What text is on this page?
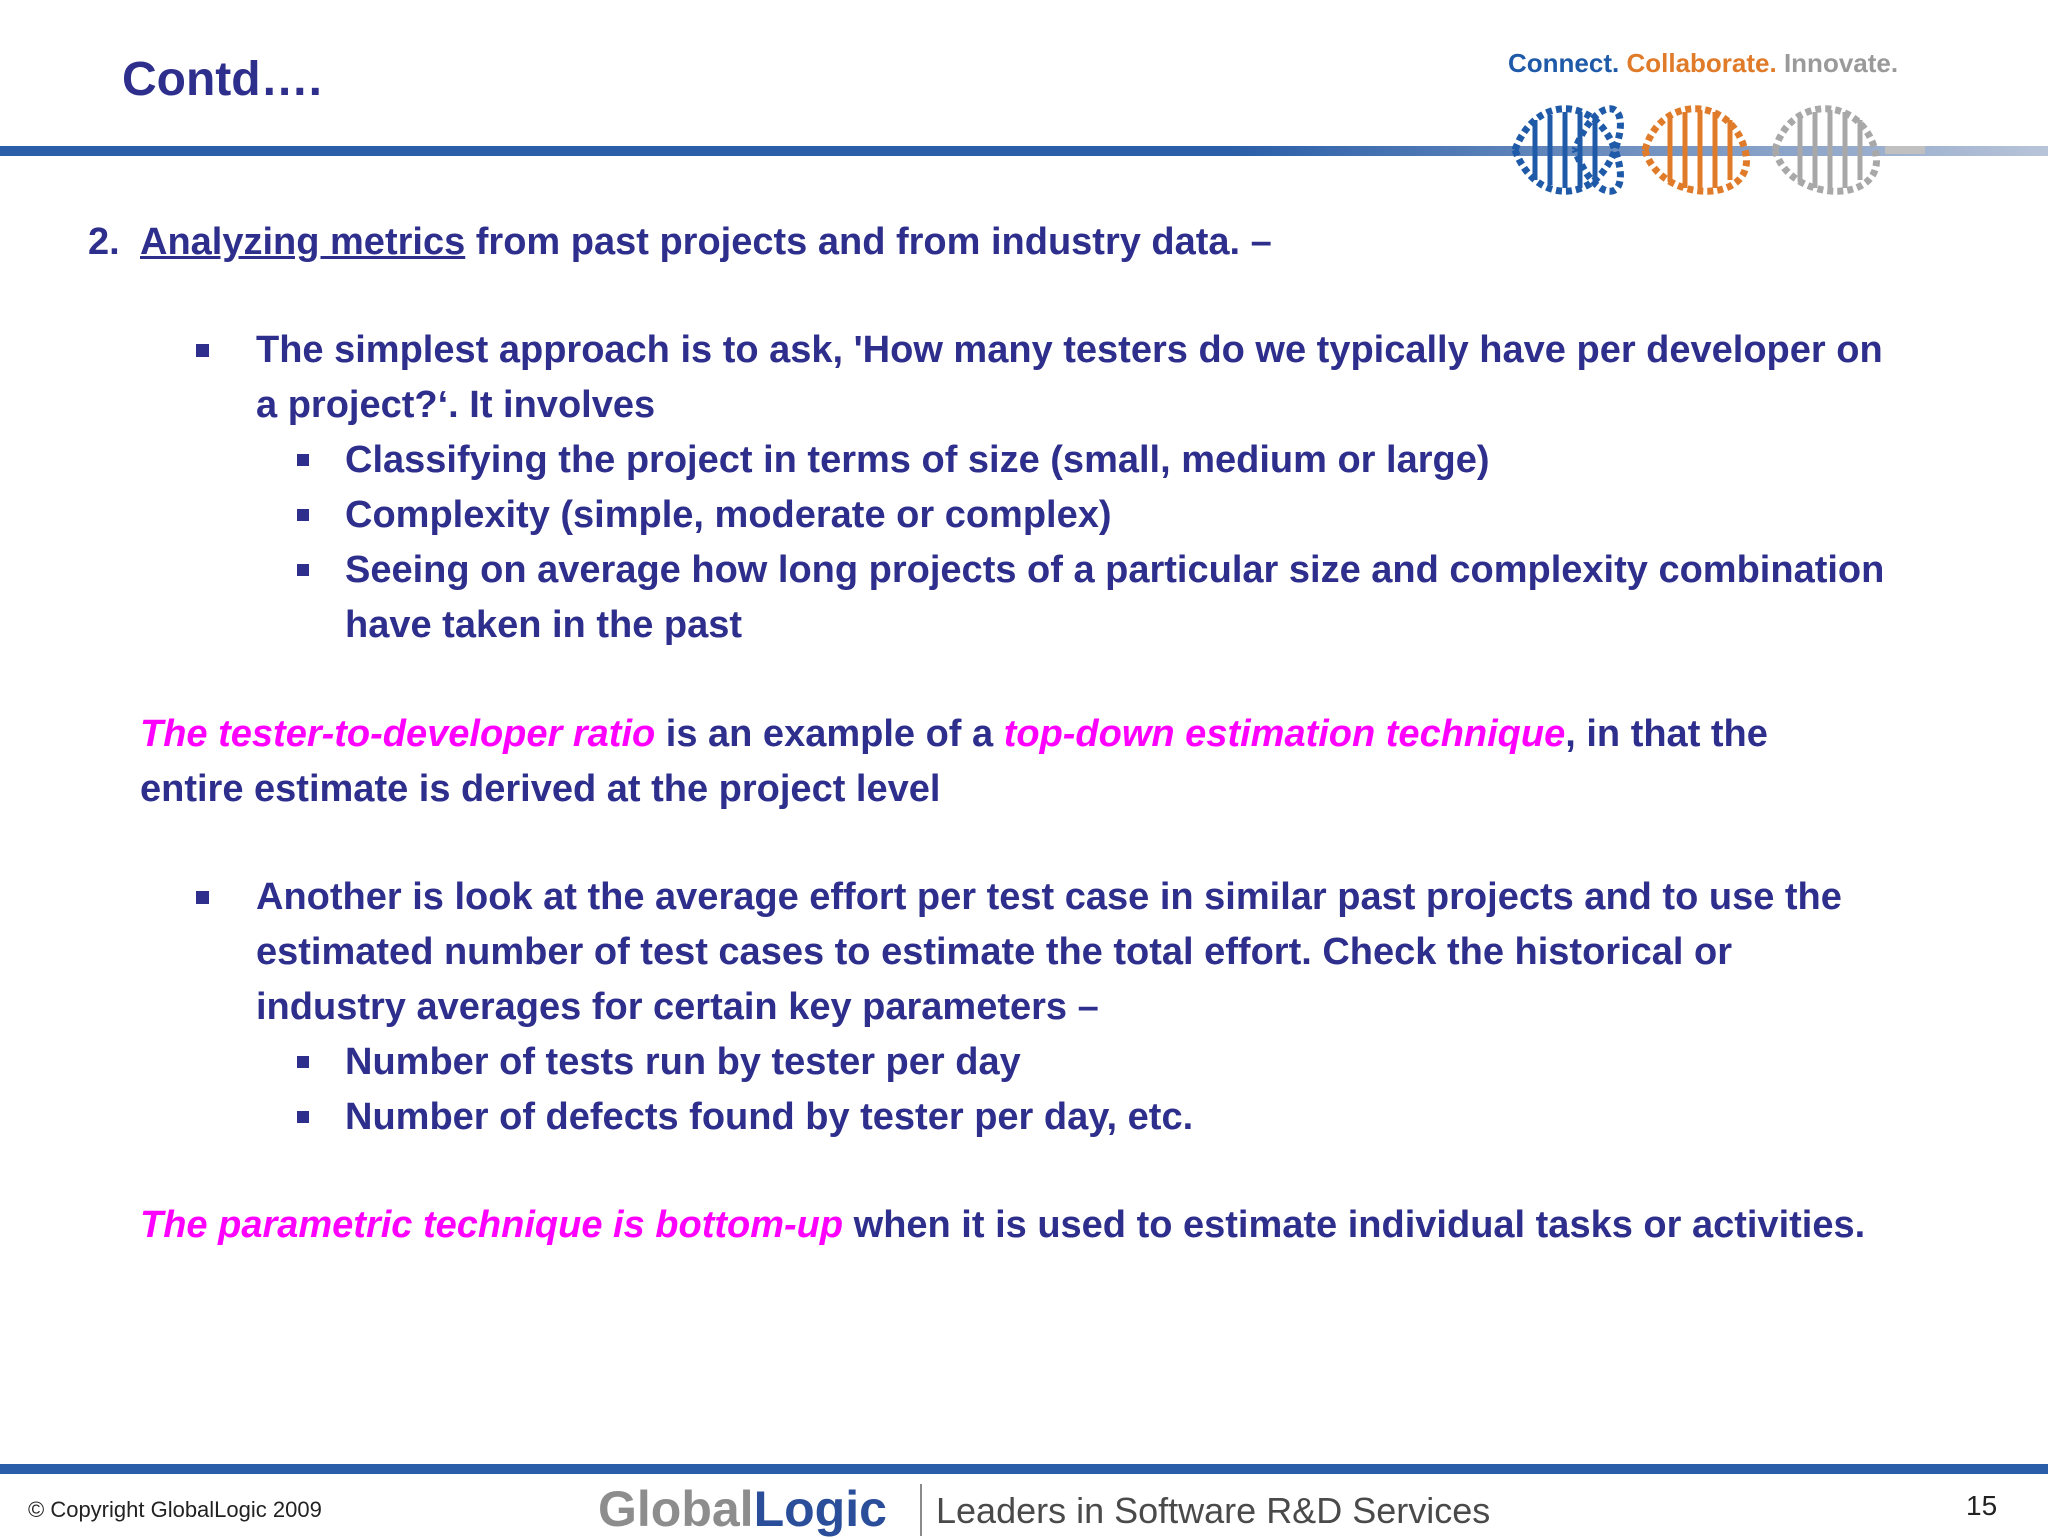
Contd….	Connect. Collaborate. Innovate.
2. Analyzing metrics from past projects and from industry data. –
The simplest approach is to ask, 'How many testers do we typically have per developer on
a project?‘. It involves
Classifying the project in terms of size (small, medium or large)
Complexity (simple, moderate or complex)
Seeing on average how long projects of a particular size and complexity combination
have taken in the past
The tester-to-developer ratio is an example of a top-down estimation technique, in that the
entire estimate is derived at the project level
Another is look at the average effort per test case in similar past projects and to use the
estimated number of test cases to estimate the total effort. Check the historical or
industry averages for certain key parameters –
Number of tests run by tester per day
Number of defects found by tester per day, etc.
The parametric technique is bottom-up when it is used to estimate individual tasks or activities.
© Copyright GlobalLogic 2009	GlobalLogic Leaders in Software R&D Services	15
